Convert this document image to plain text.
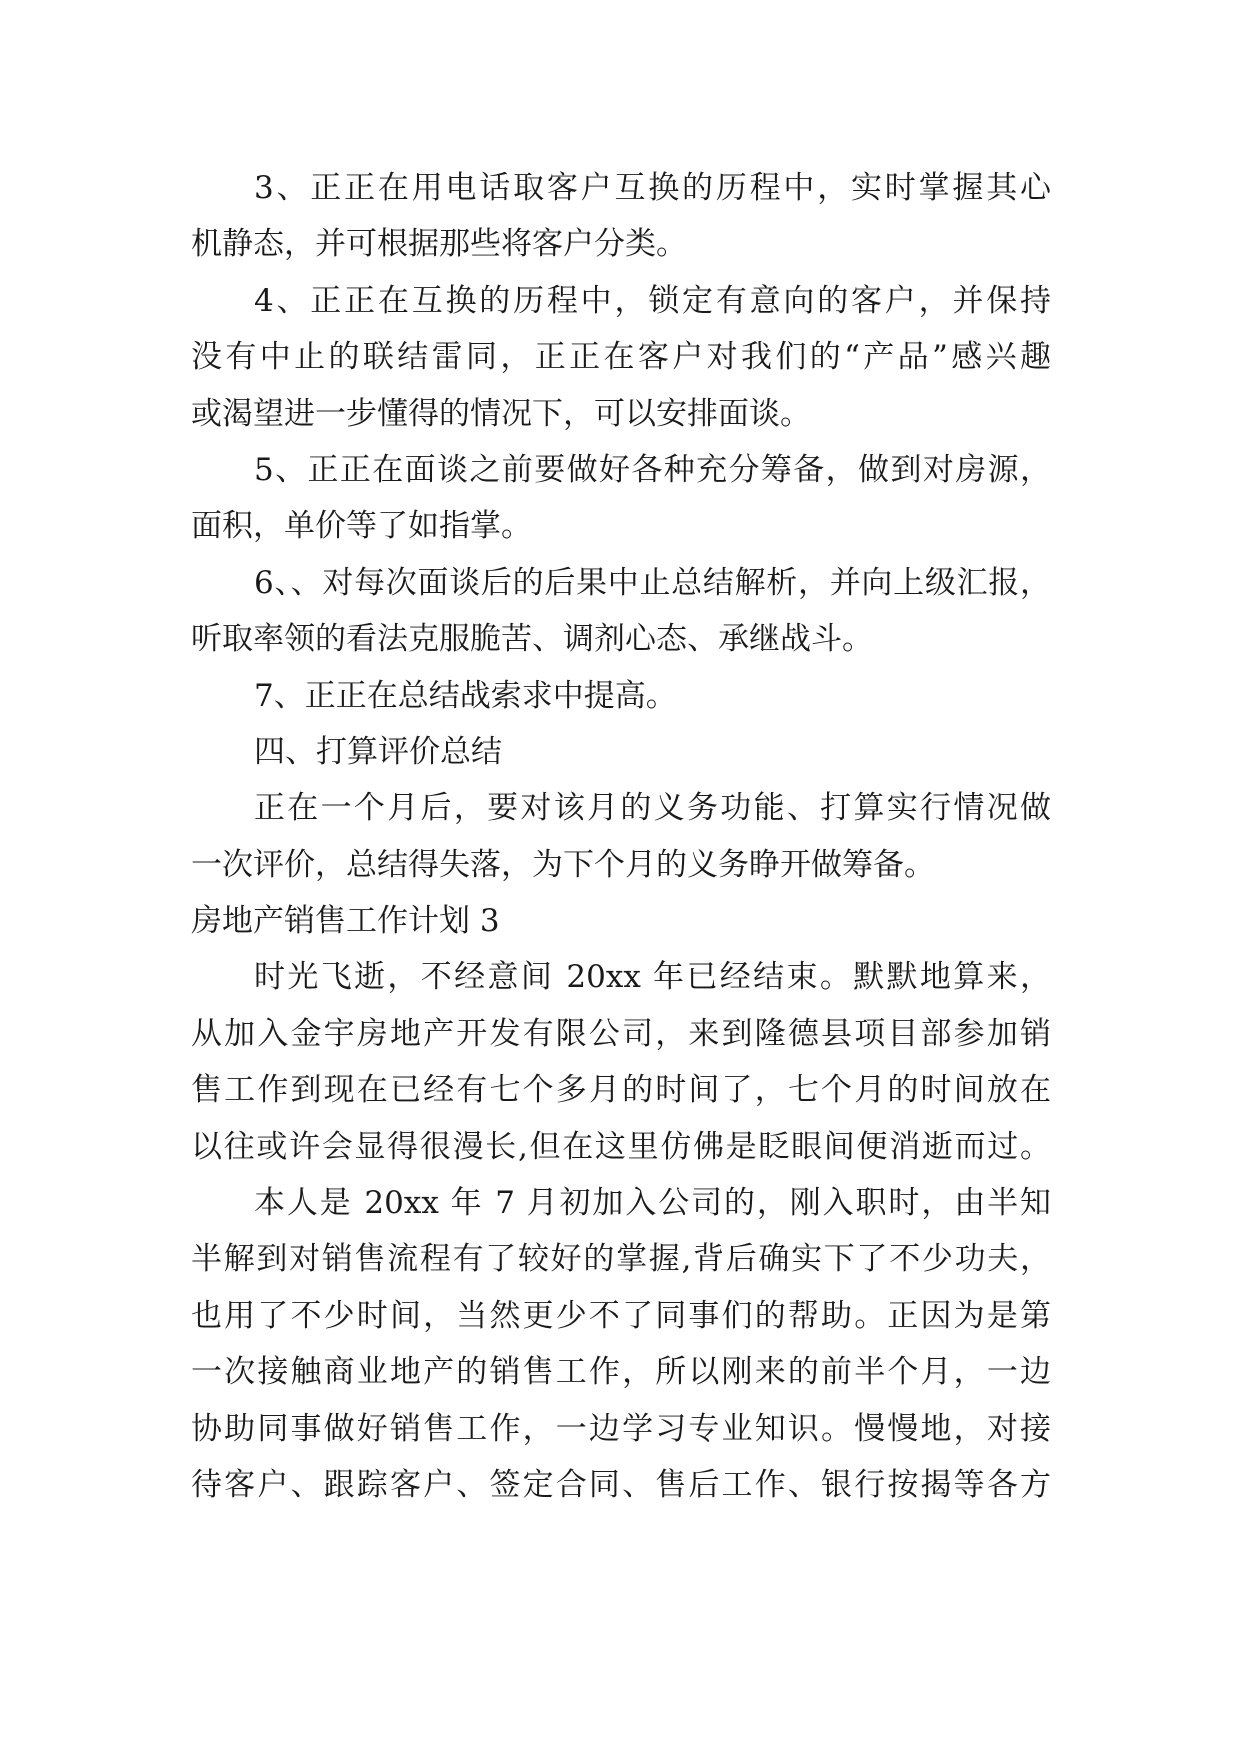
3、正正在用电话取客户互换的历程中，实时掌握其心
机静态，并可根据那些将客户分类。
4、正正在互换的历程中，锁定有意向的客户，并保持
没有中止的联结雷同，正正在客户对我们的“产品”感兴趣
或渴望进一步懂得的情况下，可以安排面谈。
5、正正在面谈之前要做好各种充分筹备，做到对房源，
面积，单价等了如指掌。
6、、对每次面谈后的后果中止总结解析，并向上级汇报，
听取率领的看法克服脆苦、调剂心态、承继战斗。
7、正正在总结战索求中提高。
四、打算评价总结
正在一个月后，要对该月的义务功能、打算实行情况做
一次评价，总结得失落，为下个月的义务睁开做筹备。
房地产销售工作计划 3
时光飞逝，不经意间 20xx 年已经结束。默默地算来，
从加入金宇房地产开发有限公司，来到隆德县项目部参加销
售工作到现在已经有七个多月的时间了，七个月的时间放在
以往或许会显得很漫长,但在这里仿佛是眨眼间便消逝而过。
本人是 20xx 年 7 月初加入公司的，刚入职时，由半知
半解到对销售流程有了较好的掌握,背后确实下了不少功夫，
也用了不少时间，当然更少不了同事们的帮助。正因为是第
一次接触商业地产的销售工作，所以刚来的前半个月，一边
协助同事做好销售工作，一边学习专业知识。慢慢地，对接
待客户、跟踪客户、签定合同、售后工作、银行按揭等各方
